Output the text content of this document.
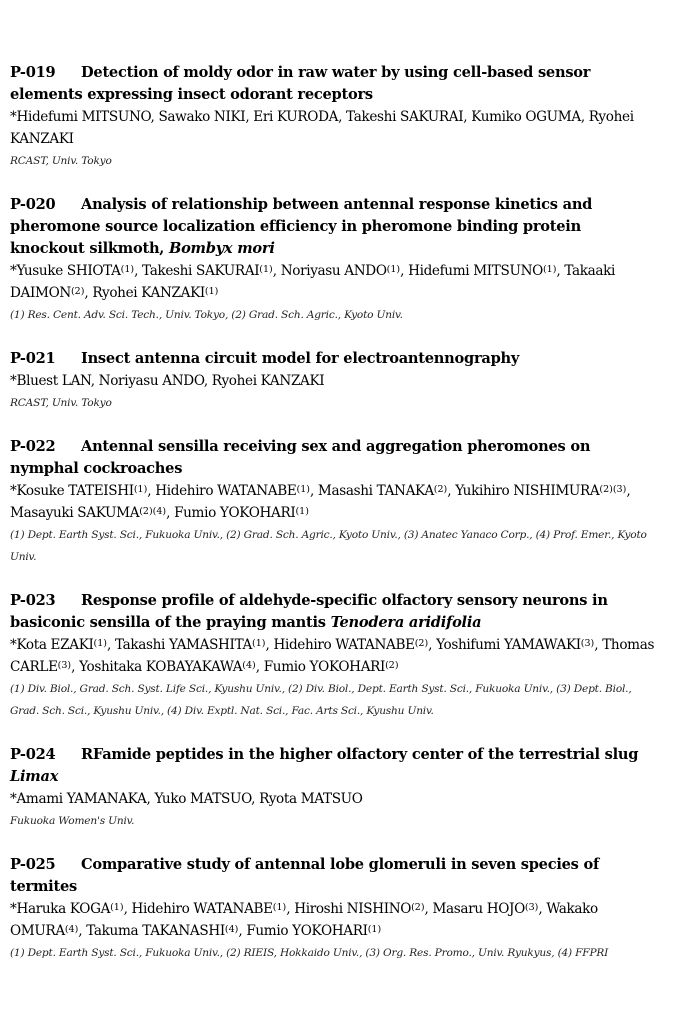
P-019 Detection of moldy odor in raw water by using cell-based sensor elements expressing insect odorant receptors
*Hidefumi MITSUNO, Sawako NIKI, Eri KURODA, Takeshi SAKURAI, Kumiko OGUMA, Ryohei KANZAKI
RCAST, Univ. Tokyo
P-020 Analysis of relationship between antennal response kinetics and pheromone source localization efficiency in pheromone binding protein knockout silkmoth, Bombyx mori
*Yusuke SHIOTA$^{(1)}$, Takeshi SAKURAI$^{(1)}$, Noriyasu ANDO$^{(1)}$, Hidefumi MITSUNO$^{(1)}$, Takaaki DAIMON$^{(2)}$, Ryohei KANZAKI$^{(1)}$
(1) Res. Cent. Adv. Sci. Tech., Univ. Tokyo, (2) Grad. Sch. Agric., Kyoto Univ.
P-021 Insect antenna circuit model for electroantennography
*Bluest LAN, Noriyasu ANDO, Ryohei KANZAKI
RCAST, Univ. Tokyo
P-022 Antennal sensilla receiving sex and aggregation pheromones on nymphal cockroaches
*Kosuke TATEISHI$^{(1)}$, Hidehiro WATANABE$^{(1)}$, Masashi TANAKA$^{(2)}$, Yukihiro $NISHIMURA^{(2)(3)}$, Masayuki $SAKUMA^{(2)(4)}$, Fumio YOKOHARI$^{(1)}$
(1) Dept. Earth Syst. Sci., Fukuoka Univ., (2) Grad. Sch. Agric., Kyoto Univ., (3) Anatec Yanaco Corp., (4) Prof. Emer., Kyoto Univ.
P-023 Response profile of aldehyde-specific olfactory sensory neurons in basiconic sensilla of the praying mantis Tenodera aridifolia
*Kota EZAKI$^{(1)}$, Takashi YAMASHITA$^{(1)}$, Hidehiro WATANABE$^{(2)}$, Yoshifumi YAMAWAKI$^{(3)}$, Thomas CARLE$^{(3)}$, Yoshitaka KOBAYAKAWA$^{(4)}$, Fumio YOKOHARI$^{(2)}$
(1) Div. Biol., Grad. Sch. Syst. Life Sci., Kyushu Univ., (2) Div. Biol., Dept. Earth Syst. Sci., Fukuoka Univ., (3) Dept. Biol., Grad. Sch. Sci., Kyushu Univ., (4) Div. Exptl. Nat. Sci., Fac. Arts Sci., Kyushu Univ.
P-024 RFamide peptides in the higher olfactory center of the terrestrial slug Limax
*Amami YAMANAKA, Yuko MATSUO, Ryota MATSUO
Fukuoka Women's Univ.
P-025 Comparative study of antennal lobe glomeruli in seven species of termites
*Haruka KOGA$^{(1)}$, Hidehiro WATANABE$^{(1)}$, Hiroshi NISHINO$^{(2)}$, Masaru HOJO$^{(3)}$, Wakako OMURA$^{(4)}$, Takuma TAKANASHI$^{(4)}$, Fumio YOKOHARI$^{(1)}$
(1) Dept. Earth Syst. Sci., Fukuoka Univ., (2) RIEIS, Hokkaido Univ., (3) Org. Res. Promo., Univ. Ryukyus, (4) FFPRI
